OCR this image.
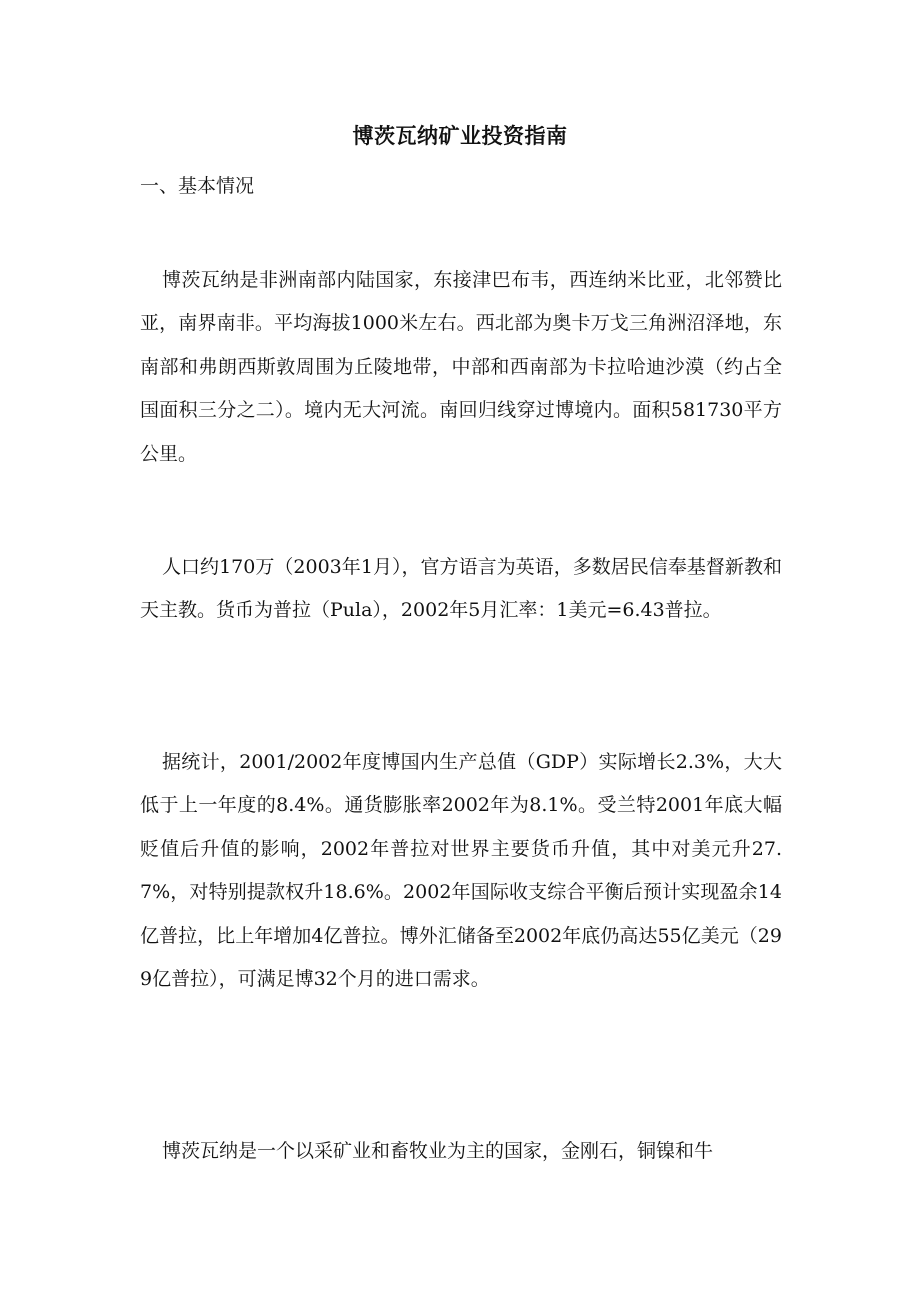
博茨瓦纳矿业投资指南
一、基本情况

博茨瓦纳是非洲南部内陆国家，东接津巴布韦，西连纳米比亚，北邻赞比亚，南界南非。平均海拔1000米左右。西北部为奥卡万戈三角洲沼泽地，东南部和弗朗西斯敦周围为丘陵地带，中部和西南部为卡拉哈迪沙漠（约占全国面积三分之二）。境内无大河流。南回归线穿过博境内。面积581730平方公里。

人口约170万（2003年1月），官方语言为英语，多数居民信奉基督新教和天主教。货币为普拉（Pula），2002年5月汇率：1美元=6.43普拉。

据统计，2001/2002年度博国内生产总值（GDP）实际增长2.3%，大大低于上一年度的8.4%。通货膨胀率2002年为8.1%。受兰特2001年底大幅贬值后升值的影响，2002年普拉对世界主要货币升值，其中对美元升27.7%，对特别提款权升18.6%。2002年国际收支综合平衡后预计实现盈余14亿普拉，比上年增加4亿普拉。博外汇储备至2002年底仍高达55亿美元（299亿普拉），可满足博32个月的进口需求。

博茨瓦纳是一个以采矿业和畜牧业为主的国家，金刚石，铜镍和牛
